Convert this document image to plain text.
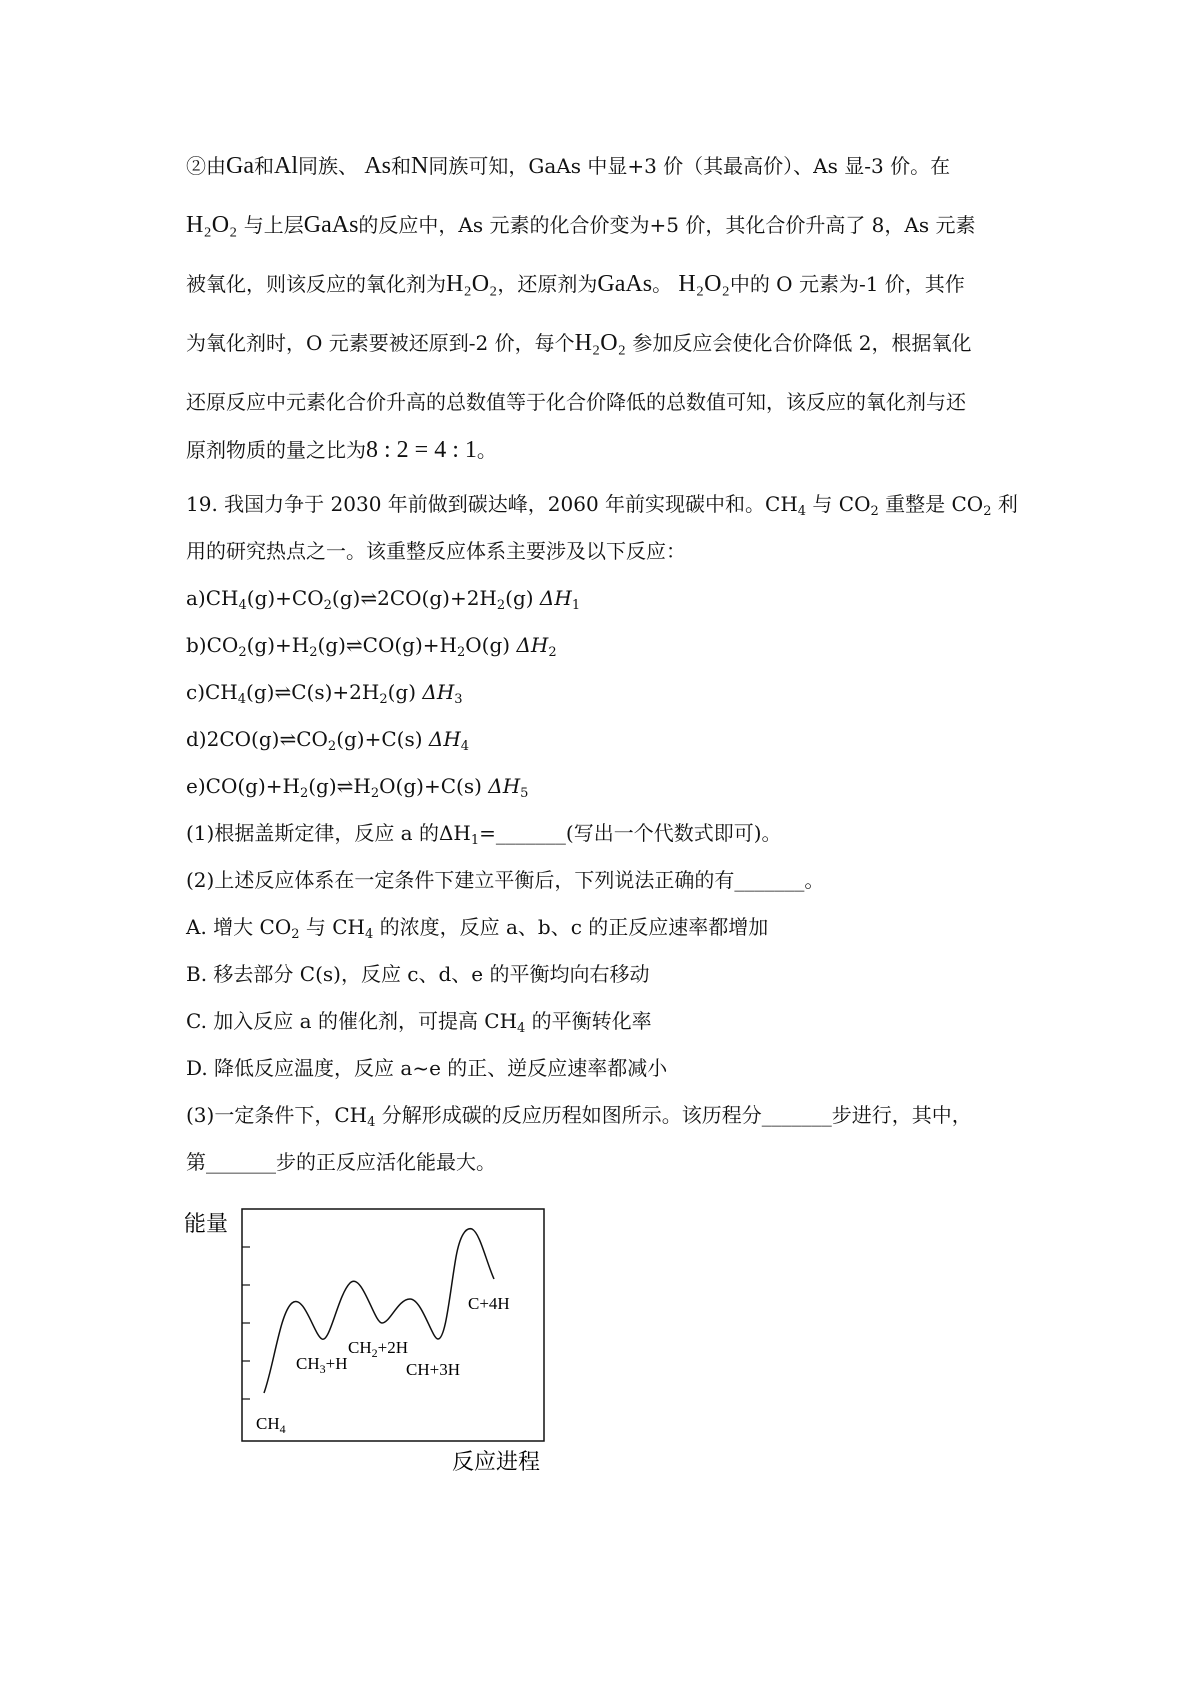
②由Ga和Al同族、 As和N同族可知，GaAs 中显+3 价（其最高价）、As 显-3 价。在
H₂O₂ 与上层GaAs的反应中，As 元素的化合价变为+5 价，其化合价升高了 8，As 元素
被氧化，则该反应的氧化剂为H₂O₂，还原剂为GaAs。 H₂O₂中的 O 元素为-1 价，其作
为氧化剂时，O 元素要被还原到-2 价，每个H₂O₂ 参加反应会使化合价降低 2，根据氧化
还原反应中元素化合价升高的总数值等于化合价降低的总数值可知，该反应的氧化剂与还
原剂物质的量之比为8 : 2 = 4 : 1。
19. 我国力争于 2030 年前做到碳达峰，2060 年前实现碳中和。$CH_4$ 与 $CO_2$ 重整是 $CO_2$ 利
用的研究热点之一。该重整反应体系主要涉及以下反应：
$a)CH_4(g)+CO_2(g)\rightleftharpoons 2CO(g)+2H_2(g)$ $\Delta H_1$
$b)CO_2(g)+H_2(g)\rightleftharpoons CO(g)+H_2O(g)$ $\Delta H_2$
$c)CH_4(g)\rightleftharpoons C(s)+2H_2(g)$ $\Delta H_3$
$d)2CO(g)\rightleftharpoons CO_2(g)+C(s)$ $\Delta H_4$
$e)CO(g)+H_2(g)\rightleftharpoons H_2O(g)+C(s)$ $\Delta H_5$
(1)根据盖斯定律，反应 a 的$\Delta H_1=\_\_\_\_\_\_\_$(写出一个代数式即可)。
(2)上述反应体系在一定条件下建立平衡后，下列说法正确的有_______。
A. 增大 $CO_2$ 与 $CH_4$ 的浓度，反应 a、b、c 的正反应速率都增加
B. 移去部分 C(s)，反应 c、d、e 的平衡均向右移动
C. 加入反应 a 的催化剂，可提高 $CH_4$ 的平衡转化率
D. 降低反应温度，反应 a~e 的正、逆反应速率都减小
(3)一定条件下，$CH_4$ 分解形成碳的反应历程如图所示。该历程分_______步进行，其中，
第_______步的正反应活化能最大。
能量
$CH_4$
$CH_3+H$
$CH_2+2H$
CH+3H
C+4H
反应进程
